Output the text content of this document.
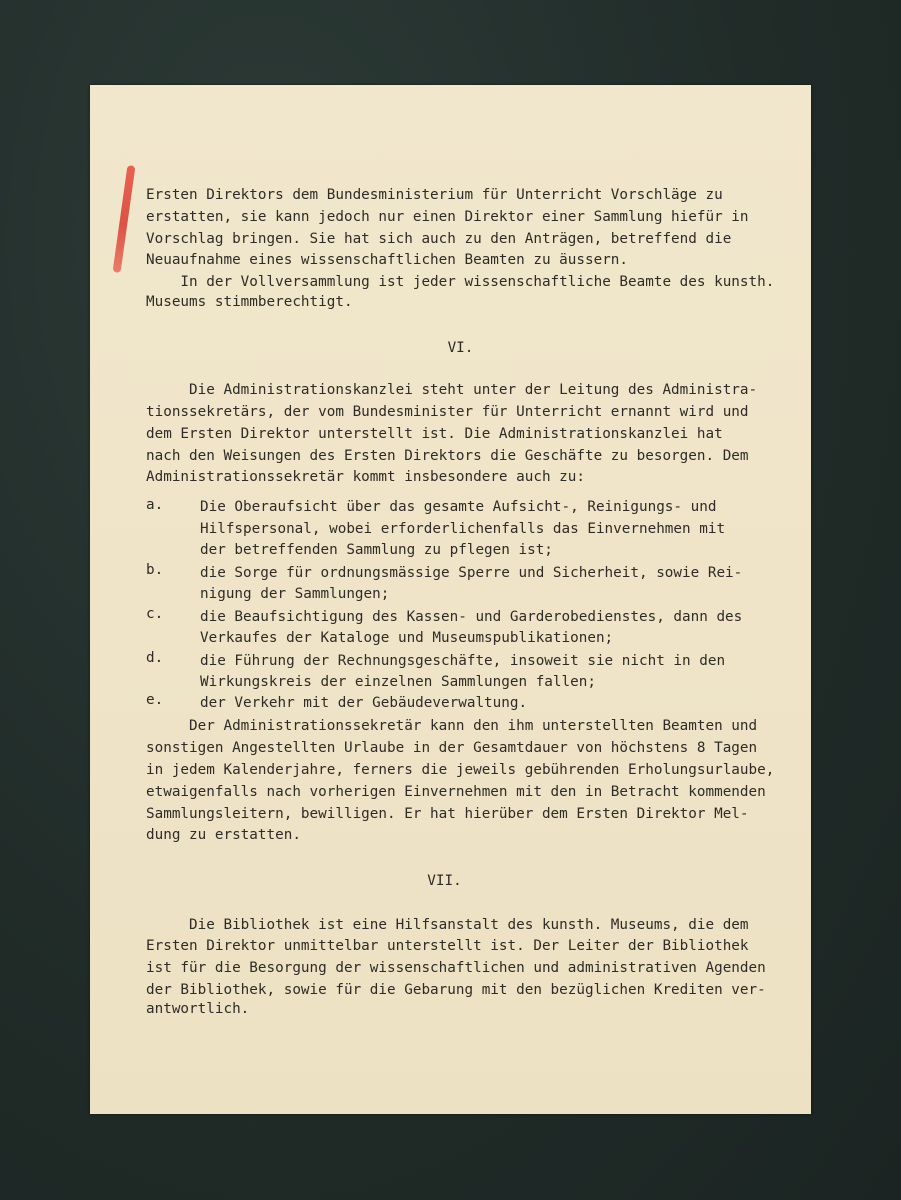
Ersten Direktors dem Bundesministerium für Unterricht Vorschläge zu
erstatten, sie kann jedoch nur einen Direktor einer Sammlung hiefür in
Vorschlag bringen. Sie hat sich auch zu den Anträgen, betreffend die
Neuaufnahme eines wissenschaftlichen Beamten zu äussern.
In der Vollversammlung ist jeder wissenschaftliche Beamte des kunsth.
Museums stimmberechtigt.
VI.
Die Administrationskanzlei steht unter der Leitung des Administra-
tionssekretärs, der vom Bundesminister für Unterricht ernannt wird und
dem Ersten Direktor unterstellt ist. Die Administrationskanzlei hat
nach den Weisungen des Ersten Direktors die Geschäfte zu besorgen. Dem
Administrationssekretär kommt insbesondere auch zu:
a.	Die Oberaufsicht über das gesamte Aufsicht-, Reinigungs- und
Hilfspersonal, wobei erforderlichenfalls das Einvernehmen mit
der betreffenden Sammlung zu pflegen ist;
b.	die Sorge für ordnungsmässige Sperre und Sicherheit, sowie Rei-
nigung der Sammlungen;
c.	die Beaufsichtigung des Kassen- und Garderobedienstes, dann des
Verkaufes der Kataloge und Museumspublikationen;
d.	die Führung der Rechnungsgeschäfte, insoweit sie nicht in den
Wirkungskreis der einzelnen Sammlungen fallen;
e.	der Verkehr mit der Gebäudeverwaltung.
Der Administrationssekretär kann den ihm unterstellten Beamten und
sonstigen Angestellten Urlaube in der Gesamtdauer von höchstens 8 Tagen
in jedem Kalenderjahre, ferners die jeweils gebührenden Erholungsurlaube,
etwaigenfalls nach vorherigen Einvernehmen mit den in Betracht kommenden
Sammlungsleitern, bewilligen. Er hat hierüber dem Ersten Direktor Mel-
dung zu erstatten.
VII.
Die Bibliothek ist eine Hilfsanstalt des kunsth. Museums, die dem
Ersten Direktor unmittelbar unterstellt ist. Der Leiter der Bibliothek
ist für die Besorgung der wissenschaftlichen und administrativen Agenden
der Bibliothek, sowie für die Gebarung mit den bezüglichen Krediten ver-
antwortlich.
